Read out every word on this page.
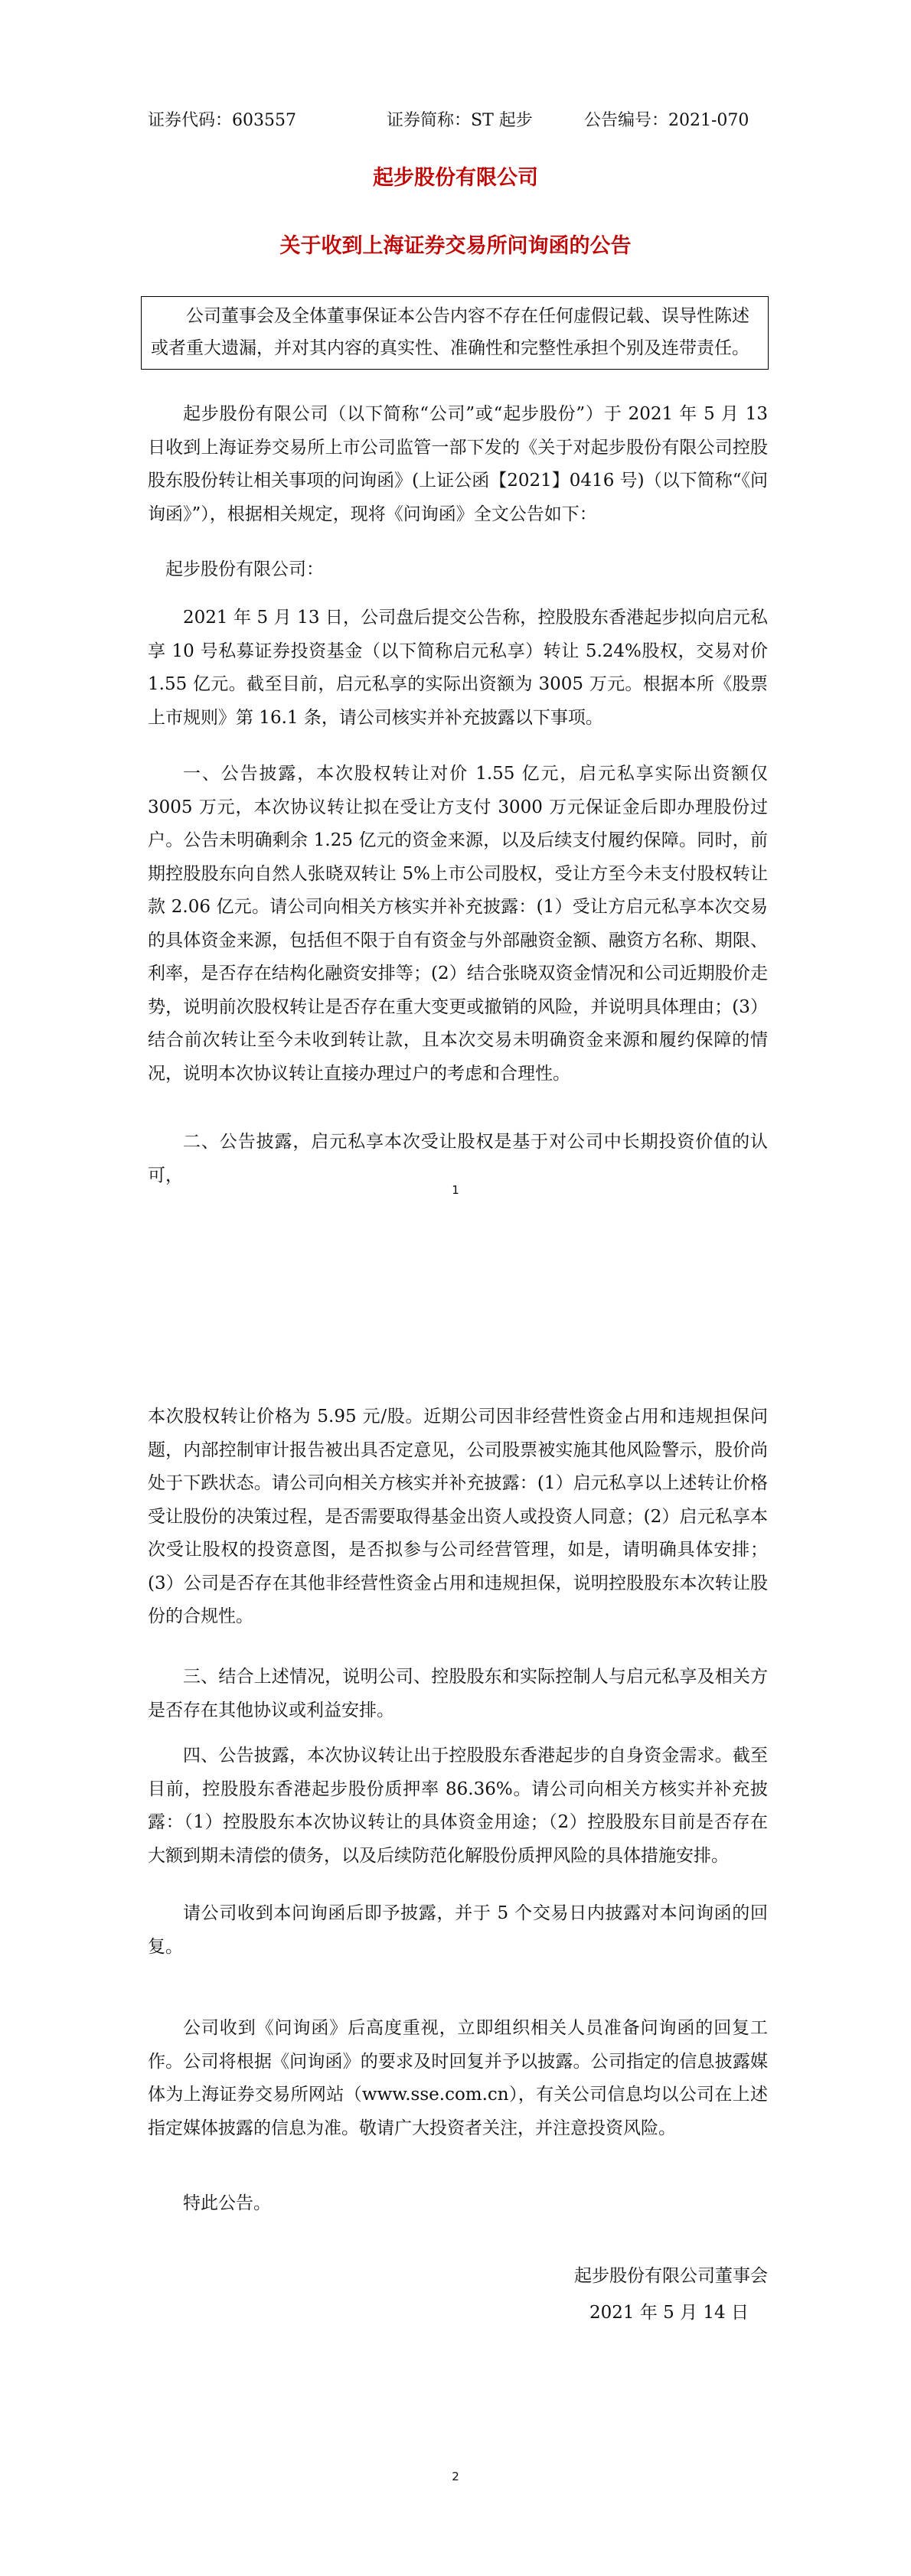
证券代码：603557	证券简称：ST 起步	公告编号：2021-070
起步股份有限公司
关于收到上海证券交易所问询函的公告
公司董事会及全体董事保证本公告内容不存在任何虚假记载、误导性陈述或者重大遗漏，并对其内容的真实性、准确性和完整性承担个别及连带责任。

起步股份有限公司（以下简称“公司”或“起步股份”）于 2021 年 5 月 13 日收到上海证券交易所上市公司监管一部下发的《关于对起步股份有限公司控股股东股份转让相关事项的问询函》(上证公函【2021】0416 号)（以下简称“《问询函》”），根据相关规定，现将《问询函》全文公告如下：

起步股份有限公司：

2021 年 5 月 13 日，公司盘后提交公告称，控股股东香港起步拟向启元私享 10 号私募证券投资基金（以下简称启元私享）转让 5.24%股权，交易对价 1.55 亿元。截至目前，启元私享的实际出资额为 3005 万元。根据本所《股票上市规则》第 16.1 条，请公司核实并补充披露以下事项。

一、公告披露，本次股权转让对价 1.55 亿元，启元私享实际出资额仅 3005 万元，本次协议转让拟在受让方支付 3000 万元保证金后即办理股份过户。公告未明确剩余 1.25 亿元的资金来源，以及后续支付履约保障。同时，前期控股股东向自然人张晓双转让 5%上市公司股权，受让方至今未支付股权转让款 2.06 亿元。请公司向相关方核实并补充披露：(1）受让方启元私享本次交易的具体资金来源，包括但不限于自有资金与外部融资金额、融资方名称、期限、利率，是否存在结构化融资安排等；(2）结合张晓双资金情况和公司近期股价走势，说明前次股权转让是否存在重大变更或撤销的风险，并说明具体理由；(3）结合前次转让至今未收到转让款，且本次交易未明确资金来源和履约保障的情况，说明本次协议转让直接办理过户的考虑和合理性。

二、公告披露，启元私享本次受让股权是基于对公司中长期投资价值的认可，

1

本次股权转让价格为 5.95 元/股。近期公司因非经营性资金占用和违规担保问题，内部控制审计报告被出具否定意见，公司股票被实施其他风险警示，股价尚处于下跌状态。请公司向相关方核实并补充披露：(1）启元私享以上述转让价格受让股份的决策过程，是否需要取得基金出资人或投资人同意；(2）启元私享本次受让股权的投资意图，是否拟参与公司经营管理，如是，请明确具体安排；(3）公司是否存在其他非经营性资金占用和违规担保，说明控股股东本次转让股份的合规性。

三、结合上述情况，说明公司、控股股东和实际控制人与启元私享及相关方是否存在其他协议或利益安排。

四、公告披露，本次协议转让出于控股股东香港起步的自身资金需求。截至目前，控股股东香港起步股份质押率 86.36%。请公司向相关方核实并补充披露：（1）控股股东本次协议转让的具体资金用途；（2）控股股东目前是否存在大额到期未清偿的债务，以及后续防范化解股份质押风险的具体措施安排。

请公司收到本问询函后即予披露，并于 5 个交易日内披露对本问询函的回复。

公司收到《问询函》后高度重视，立即组织相关人员准备问询函的回复工作。公司将根据《问询函》的要求及时回复并予以披露。公司指定的信息披露媒体为上海证券交易所网站（www.sse.com.cn），有关公司信息均以公司在上述指定媒体披露的信息为准。敬请广大投资者关注，并注意投资风险。

特此公告。

起步股份有限公司董事会
2021 年 5 月 14 日
2
